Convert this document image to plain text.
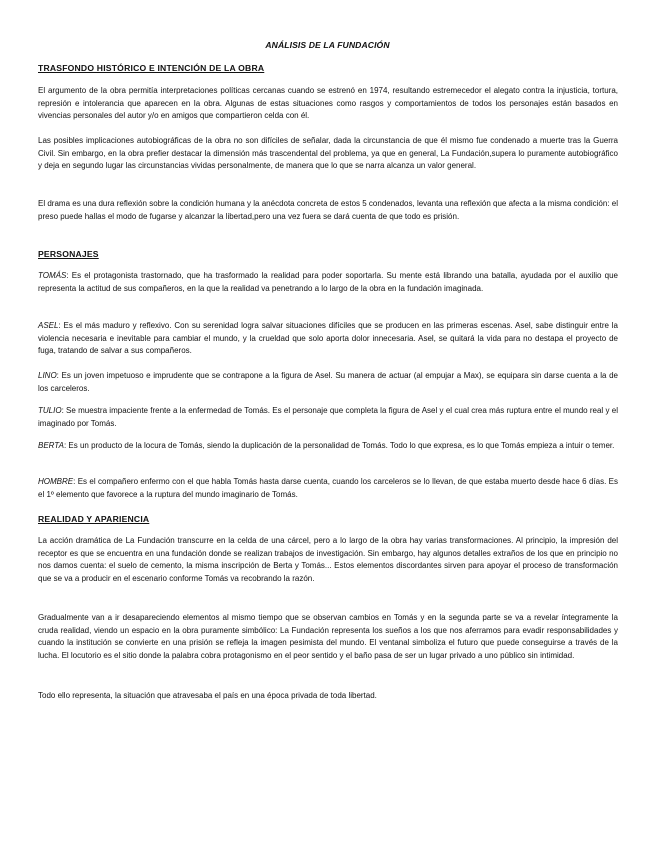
ANÁLISIS DE LA FUNDACIÓN
TRASFONDO HISTÓRICO E INTENCIÓN DE LA OBRA

El argumento de la obra permitía interpretaciones políticas cercanas cuando se estrenó en 1974, resultando estremecedor el alegato contra la injusticia, tortura, represión e intolerancia que aparecen en la obra. Algunas de estas situaciones como rasgos y comportamientos de todos los personajes están basados en vivencias personales del autor y/o en amigos que compartieron celda con él.

Las posibles implicaciones autobiográficas de la obra no son difíciles de señalar, dada la circunstancia de que él mismo fue condenado a muerte tras la Guerra Civil. Sin embargo, en la obra prefier destacar la dimensión más trascendental del problema, ya que en general, La Fundación,supera lo puramente autobiográfico y deja en segundo lugar las circunstancias vividas personalmente, de manera que lo que se narra alcanza un valor general.

El drama es una dura reflexión sobre la condición humana y la anécdota concreta de estos 5 condenados, levanta una reflexión que afecta a la misma condición: el preso puede hallas el modo de fugarse y alcanzar la libertad,pero una vez fuera se dará cuenta de que todo es prisión.

PERSONAJES

TOMÁS: Es el protagonista trastornado, que ha trasformado la realidad para poder soportarla. Su mente está librando una batalla, ayudada por el auxilio que representa la actitud de sus compañeros, en la que la realidad va penetrando a lo largo de la obra en la fundación imaginada.

ASEL: Es el más maduro y reflexivo. Con su serenidad logra salvar situaciones difíciles que se producen en las primeras escenas. Asel, sabe distinguir entre la violencia necesaria e inevitable para cambiar el mundo, y la crueldad que solo aporta dolor innecesaria. Asel, se quitará la vida para no destapa el proyecto de fuga, tratando de salvar a sus compañeros.

LINO: Es un joven impetuoso e imprudente que se contrapone a la figura de Asel. Su manera de actuar (al empujar a Max), se equipara sin darse cuenta a la de los carceleros.

TULIO: Se muestra impaciente frente a la enfermedad de Tomás. Es el personaje que completa la figura de Asel y el cual crea más ruptura entre el mundo real y el imaginado por Tomás.

BERTA: Es un producto de la locura de Tomás, siendo la duplicación de la personalidad de Tomás. Todo lo que expresa, es lo que Tomás empieza a intuir o temer.

HOMBRE: Es el compañero enfermo con el que habla Tomás hasta darse cuenta, cuando los carceleros se lo llevan, de que estaba muerto desde hace 6 días. Es el 1º elemento que favorece a la ruptura del mundo imaginario de Tomás.

REALIDAD Y APARIENCIA

La acción dramática de La Fundación transcurre en la celda de una cárcel, pero a lo largo de la obra hay varias transformaciones. Al principio, la impresión del receptor es que se encuentra en una fundación donde se realizan trabajos de investigación. Sin embargo, hay algunos detalles extraños de los que en principio no nos damos cuenta: el suelo de cemento, la misma inscripción de Berta y Tomás... Estos elementos discordantes sirven para apoyar el proceso de transformación que se va a producir en el escenario conforme Tomás va recobrando la razón.

Gradualmente van a ir desapareciendo elementos al mismo tiempo que se observan cambios en Tomás y en la segunda parte se va a revelar íntegramente la cruda realidad, viendo un espacio en la obra puramente simbólico: La Fundación representa los sueños a los que nos aferramos para evadir responsabilidades y cuando la institución se convierte en una prisión se refleja la imagen pesimista del mundo. El ventanal simboliza el futuro que puede conseguirse a través de la lucha. El locutorio es el sitio donde la palabra cobra protagonismo en el peor sentido y el baño pasa de ser un lugar privado a uno público sin intimidad.

Todo ello representa, la situación que atravesaba el país en una época privada de toda libertad.
